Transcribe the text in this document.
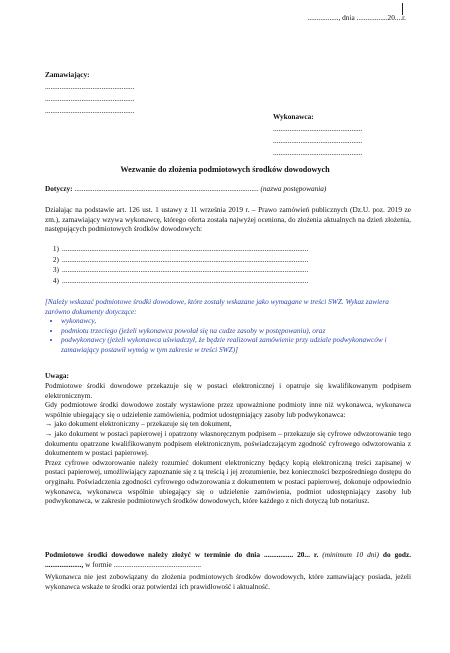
................., dnia .................20....r.
Zamawiający:
.................................................
.................................................
.................................................
Wykonawca:
.................................................
.................................................
.................................................
Wezwanie do złożenia podmiotowych środków dowodowych
Dotyczy: ..................................................................................................... (nazwa postępowania)
Działając na podstawie art. 126 ust. 1 ustawy z 11 września 2019 r. – Prawo zamówień publicznych (Dz.U. poz. 2019 ze zm.), zamawiający wzywa wykonawcę, którego oferta została najwyżej oceniona, do złożenia aktualnych na dzień złożenia, następujących podmiotowych środków dowodowych:
1) .......................................................................................................................................
2) .......................................................................................................................................
3) .......................................................................................................................................
4) .......................................................................................................................................
[Należy wskazać podmiotowe środki dowodowe, które zostały wskazane jako wymagane w treści SWZ. Wykaz zawiera zarówno dokumenty dotyczące:
• wykonawcy,
• podmiotu trzeciego (jeżeli wykonawca powołał się na cudze zasoby w postępowaniu), oraz
• podwykonawcy (jeżeli wykonawca uświadczył, że będzie realizował zamówienie przy udziale podwykonawców i zamawiający postawił wymóg w tym zakresie w treści SWZ)]
Uwaga:
Podmiotowe środki dowodowe przekazuje się w postaci elektronicznej i opatruje się kwalifikowanym podpisem elektronicznym.
Gdy podmiotowe środki dowodowe zostały wystawione przez upoważnione podmioty inne niż wykonawca, wykonawca wspólnie ubiegający się o udzielenie zamówienia, podmiot udostępniający zasoby lub podwykonawca:
→ jako dokument elektroniczny – przekazuje się ten dokument,
→ jako dokument w postaci papierowej i opatrzony własnoręcznym podpisem – przekazuje się cyfrowe odwzorowanie tego dokumentu opatrzone kwalifikowanym podpisem elektronicznym, poświadczającym zgodność cyfrowego odwzorowania z dokumentem w postaci papierowej.
Przez cyfrowe odwzorowanie należy rozumieć dokument elektroniczny będący kopią elektroniczną treści zapisanej w postaci papierowej, umożliwiający zapoznanie się z tą treścią i jej zrozumienie, bez konieczności bezpośredniego dostępu do oryginału. Poświadczenia zgodności cyfrowego odwzorowania z dokumentem w postaci papierowej, dokonuje odpowiednio wykonawca, wykonawca wspólnie ubiegający się o udzielenie zamówienia, podmiot udostępniający zasoby lub podwykonawca, w zakresie podmiotowych środków dowodowych, które każdego z nich dotyczą lub notariusz.
Podmiotowe środki dowodowe należy złożyć w terminie do dnia ................ 20... r. (minimum 10 dni) do godz. ...................., w formie ................................................
Wykonawca nie jest zobowiązany do złożenia podmiotowych środków dowodowych, które zamawiający posiada, jeżeli wykonawca wskaże te środki oraz potwierdzi ich prawidłowość i aktualność.
